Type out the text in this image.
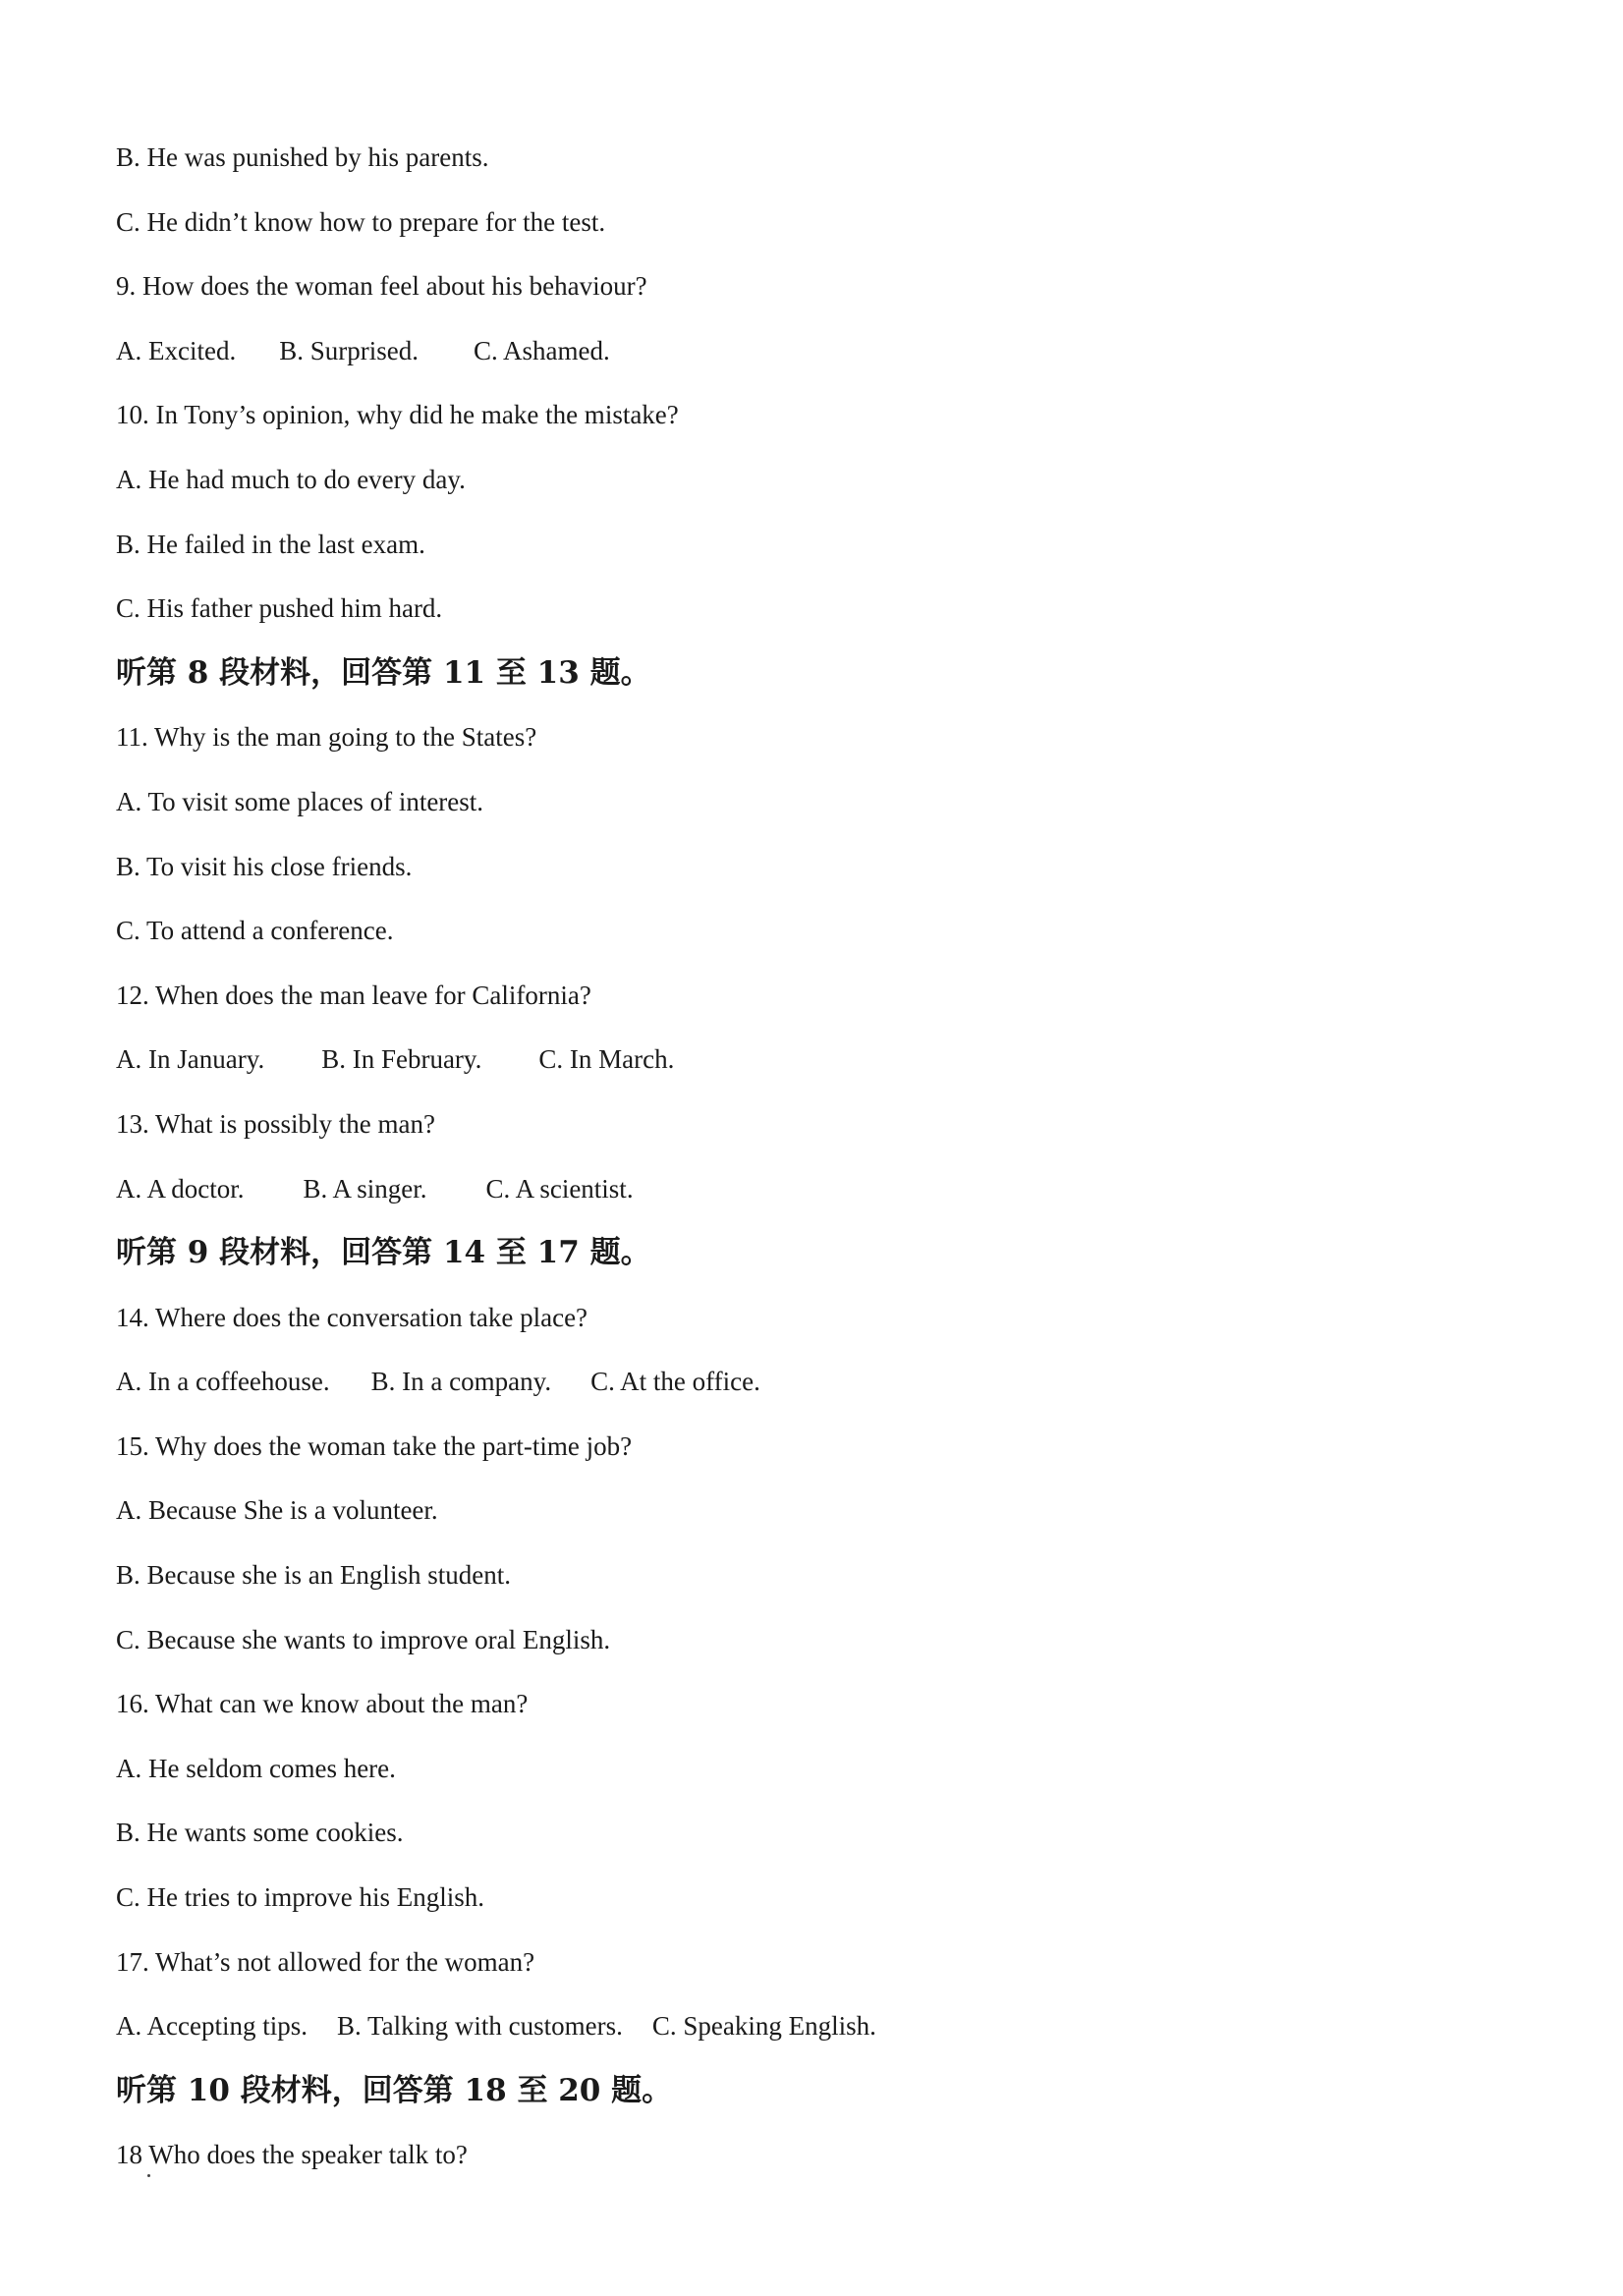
B. He was punished by his parents.
C. He didn’t know how to prepare for the test.
9. How does the woman feel about his behaviour?
A. Excited. B. Surprised. C. Ashamed.
10. In Tony’s opinion, why did he make the mistake?
A. He had much to do every day.
B. He failed in the last exam.
C. His father pushed him hard.
听第 8 段材料，回答第 11 至 13 题。
11. Why is the man going to the States?
A. To visit some places of interest.
B. To visit his close friends.
C. To attend a conference.
12. When does the man leave for California?
A. In January. B. In February. C. In March.
13. What is possibly the man?
A. A doctor. B. A singer. C. A scientist.
听第 9 段材料，回答第 14 至 17 题。
14. Where does the conversation take place?
A. In a coffeehouse. B. In a company. C. At the office.
15. Why does the woman take the part-time job?
A. Because She is a volunteer.
B. Because she is an English student.
C. Because she wants to improve oral English.
16. What can we know about the man?
A. He seldom comes here.
B. He wants some cookies.
C. He tries to improve his English.
17. What’s not allowed for the woman?
A. Accepting tips. B. Talking with customers. C. Speaking English.
听第 10 段材料，回答第 18 至 20 题。
18 Who does the speaker talk to?
